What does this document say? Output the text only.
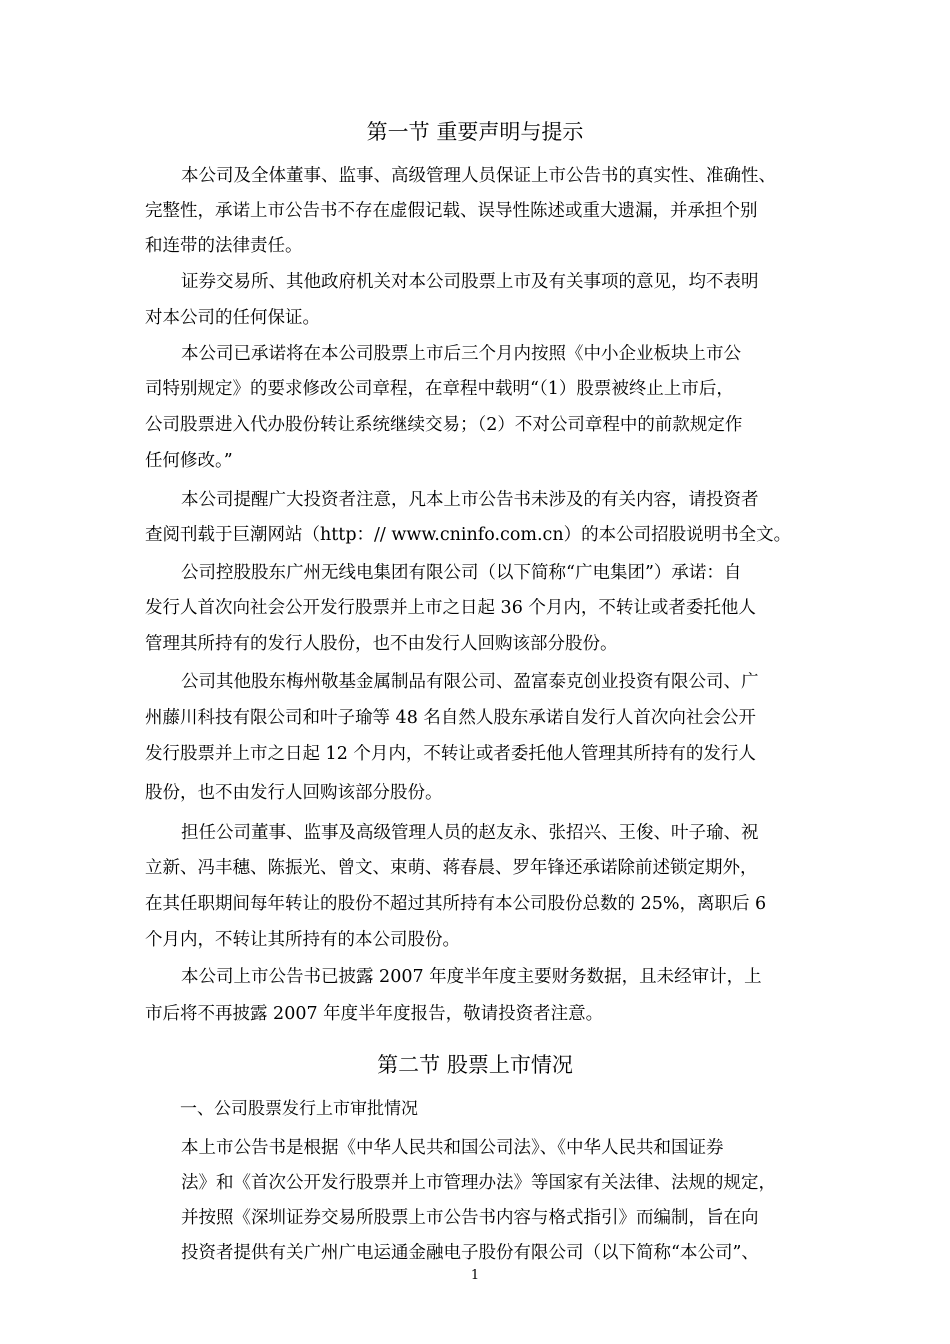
第一节 重要声明与提示
本公司及全体董事、监事、高级管理人员保证上市公告书的真实性、准确性、
完整性，承诺上市公告书不存在虚假记载、误导性陈述或重大遗漏，并承担个别
和连带的法律责任。
证券交易所、其他政府机关对本公司股票上市及有关事项的意见，均不表明
对本公司的任何保证。
本公司已承诺将在本公司股票上市后三个月内按照《中小企业板块上市公
司特别规定》的要求修改公司章程，在章程中载明“（1）股票被终止上市后，
公司股票进入代办股份转让系统继续交易；（2）不对公司章程中的前款规定作
任何修改。”
本公司提醒广大投资者注意，凡本上市公告书未涉及的有关内容，请投资者
查阅刊载于巨潮网站（http：// www.cninfo.com.cn）的本公司招股说明书全文。
公司控股股东广州无线电集团有限公司（以下简称“广电集团”）承诺：自
发行人首次向社会公开发行股票并上市之日起 36 个月内，不转让或者委托他人
管理其所持有的发行人股份，也不由发行人回购该部分股份。
公司其他股东梅州敬基金属制品有限公司、盈富泰克创业投资有限公司、广
州藤川科技有限公司和叶子瑜等 48 名自然人股东承诺自发行人首次向社会公开
发行股票并上市之日起 12 个月内，不转让或者委托他人管理其所持有的发行人
股份，也不由发行人回购该部分股份。
担任公司董事、监事及高级管理人员的赵友永、张招兴、王俊、叶子瑜、祝
立新、冯丰穗、陈振光、曾文、束萌、蒋春晨、罗年锋还承诺除前述锁定期外，
在其任职期间每年转让的股份不超过其所持有本公司股份总数的 25%，离职后 6
个月内，不转让其所持有的本公司股份。
本公司上市公告书已披露 2007 年度半年度主要财务数据，且未经审计，上
市后将不再披露 2007 年度半年度报告，敬请投资者注意。
第二节 股票上市情况
一、公司股票发行上市审批情况
本上市公告书是根据《中华人民共和国公司法》、《中华人民共和国证券
法》和《首次公开发行股票并上市管理办法》等国家有关法律、法规的规定，
并按照《深圳证券交易所股票上市公告书内容与格式指引》而编制，旨在向
投资者提供有关广州广电运通金融电子股份有限公司（以下简称“本公司”、
1
